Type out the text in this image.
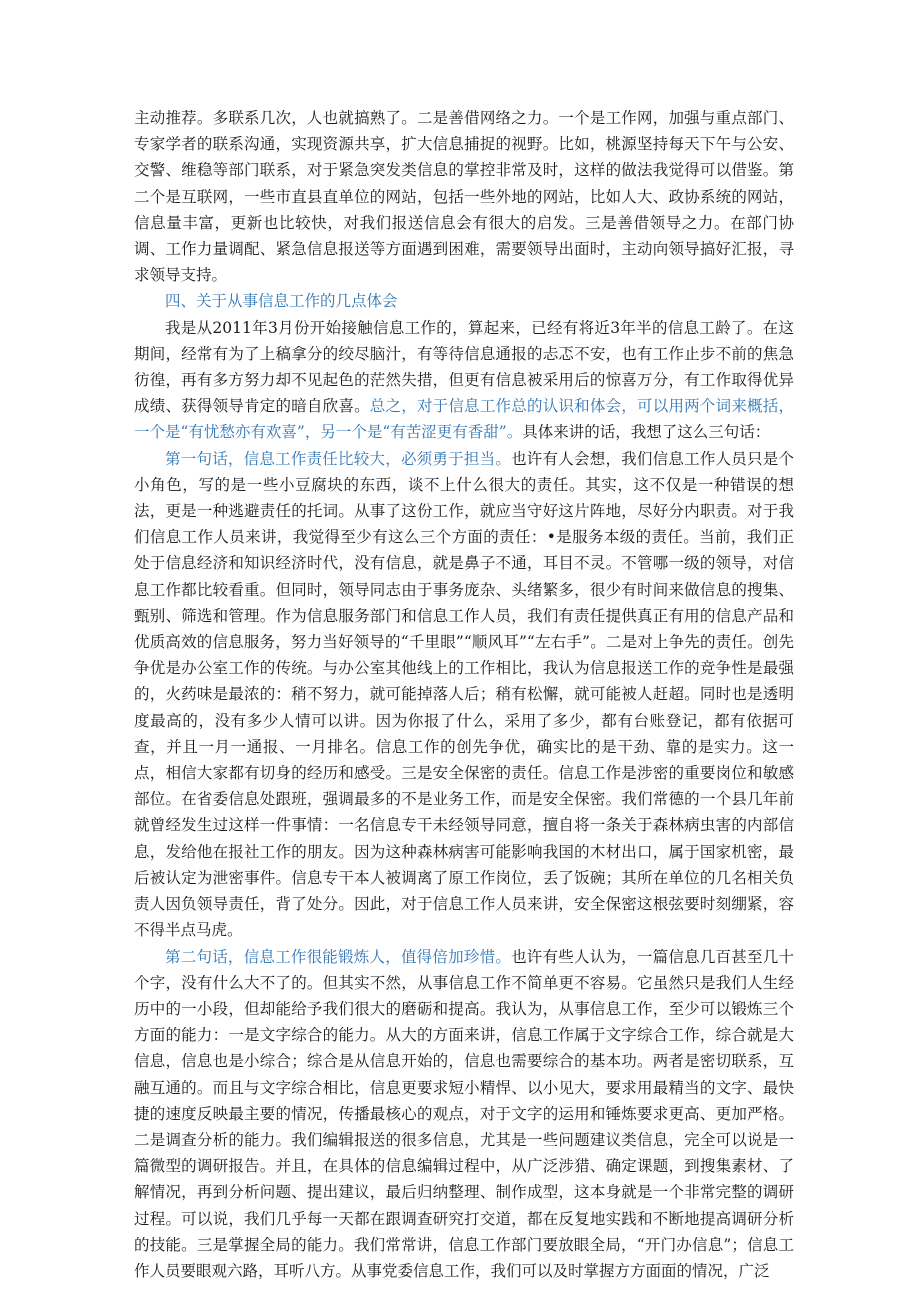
主动推荐。多联系几次，人也就搞熟了。二是善借网络之力。一个是工作网，加强与重点部门、专家学者的联系沟通，实现资源共享，扩大信息捕捉的视野。比如，桃源坚持每天下午与公安、交警、维稳等部门联系，对于紧急突发类信息的掌控非常及时，这样的做法我觉得可以借鉴。第二个是互联网，一些市直县直单位的网站，包括一些外地的网站，比如人大、政协系统的网站，信息量丰富，更新也比较快，对我们报送信息会有很大的启发。三是善借领导之力。在部门协调、工作力量调配、紧急信息报送等方面遇到困难，需要领导出面时，主动向领导搞好汇报，寻求领导支持。

四、关于从事信息工作的几点体会

我是从2011年3月份开始接触信息工作的，算起来，已经有将近3年半的信息工龄了。在这期间，经常有为了上稿拿分的绞尽脑汁，有等待信息通报的忐忑不安，也有工作止步不前的焦急彷徨，再有多方努力却不见起色的茫然失措，但更有信息被采用后的惊喜万分，有工作取得优异成绩、获得领导肯定的暗自欣喜。总之，对于信息工作总的认识和体会，可以用两个词来概括，一个是“有忧愁亦有欢喜”，另一个是“有苦涩更有香甜”。具体来讲的话，我想了这么三句话：

第一句话，信息工作责任比较大，必须勇于担当。也许有人会想，我们信息工作人员只是个小角色，写的是一些小豆腐块的东西，谈不上什么很大的责任。其实，这不仅是一种错误的想法，更是一种逃避责任的托词。从事了这份工作，就应当守好这片阵地，尽好分内职责。对于我们信息工作人员来讲，我觉得至少有这么三个方面的责任：•是服务本级的责任。当前，我们正处于信息经济和知识经济时代，没有信息，就是鼻子不通，耳目不灵。不管哪一级的领导，对信息工作都比较看重。但同时，领导同志由于事务庞杂、头绪繁多，很少有时间来做信息的搜集、甄别、筛选和管理。作为信息服务部门和信息工作人员，我们有责任提供真正有用的信息产品和优质高效的信息服务，努力当好领导的“千里眼”“顺风耳”“左右手”。二是对上争先的责任。创先争优是办公室工作的传统。与办公室其他线上的工作相比，我认为信息报送工作的竞争性是最强的，火药味是最浓的：稍不努力，就可能掉落人后；稍有松懈，就可能被人赶超。同时也是透明度最高的，没有多少人情可以讲。因为你报了什么，采用了多少，都有台账登记，都有依据可查，并且一月一通报、一月排名。信息工作的创先争优，确实比的是干劲、靠的是实力。这一点，相信大家都有切身的经历和感受。三是安全保密的责任。信息工作是涉密的重要岗位和敏感部位。在省委信息处跟班，强调最多的不是业务工作，而是安全保密。我们常德的一个县几年前就曾经发生过这样一件事情：一名信息专干未经领导同意，擅自将一条关于森林病虫害的内部信息，发给他在报社工作的朋友。因为这种森林病害可能影响我国的木材出口，属于国家机密，最后被认定为泄密事件。信息专干本人被调离了原工作岗位，丢了饭碗；其所在单位的几名相关负责人因负领导责任，背了处分。因此，对于信息工作人员来讲，安全保密这根弦要时刻绷紧，容不得半点马虎。

第二句话，信息工作很能锻炼人，值得倍加珍惜。也许有些人认为，一篇信息几百甚至几十个字，没有什么大不了的。但其实不然，从事信息工作不简单更不容易。它虽然只是我们人生经历中的一小段，但却能给予我们很大的磨砺和提高。我认为，从事信息工作，至少可以锻炼三个方面的能力：一是文字综合的能力。从大的方面来讲，信息工作属于文字综合工作，综合就是大信息，信息也是小综合；综合是从信息开始的，信息也需要综合的基本功。两者是密切联系，互融互通的。而且与文字综合相比，信息更要求短小精悍、以小见大，要求用最精当的文字、最快捷的速度反映最主要的情况，传播最核心的观点，对于文字的运用和锤炼要求更高、更加严格。二是调查分析的能力。我们编辑报送的很多信息，尤其是一些问题建议类信息，完全可以说是一篇微型的调研报告。并且，在具体的信息编辑过程中，从广泛涉猎、确定课题，到搜集素材、了解情况，再到分析问题、提出建议，最后归纳整理、制作成型，这本身就是一个非常完整的调研过程。可以说，我们几乎每一天都在跟调查研究打交道，都在反复地实践和不断地提高调研分析的技能。三是掌握全局的能力。我们常常讲，信息工作部门要放眼全局，“开门办信息”；信息工作人员要眼观六路，耳听八方。从事党委信息工作，我们可以及时掌握方方面面的情况，广泛
